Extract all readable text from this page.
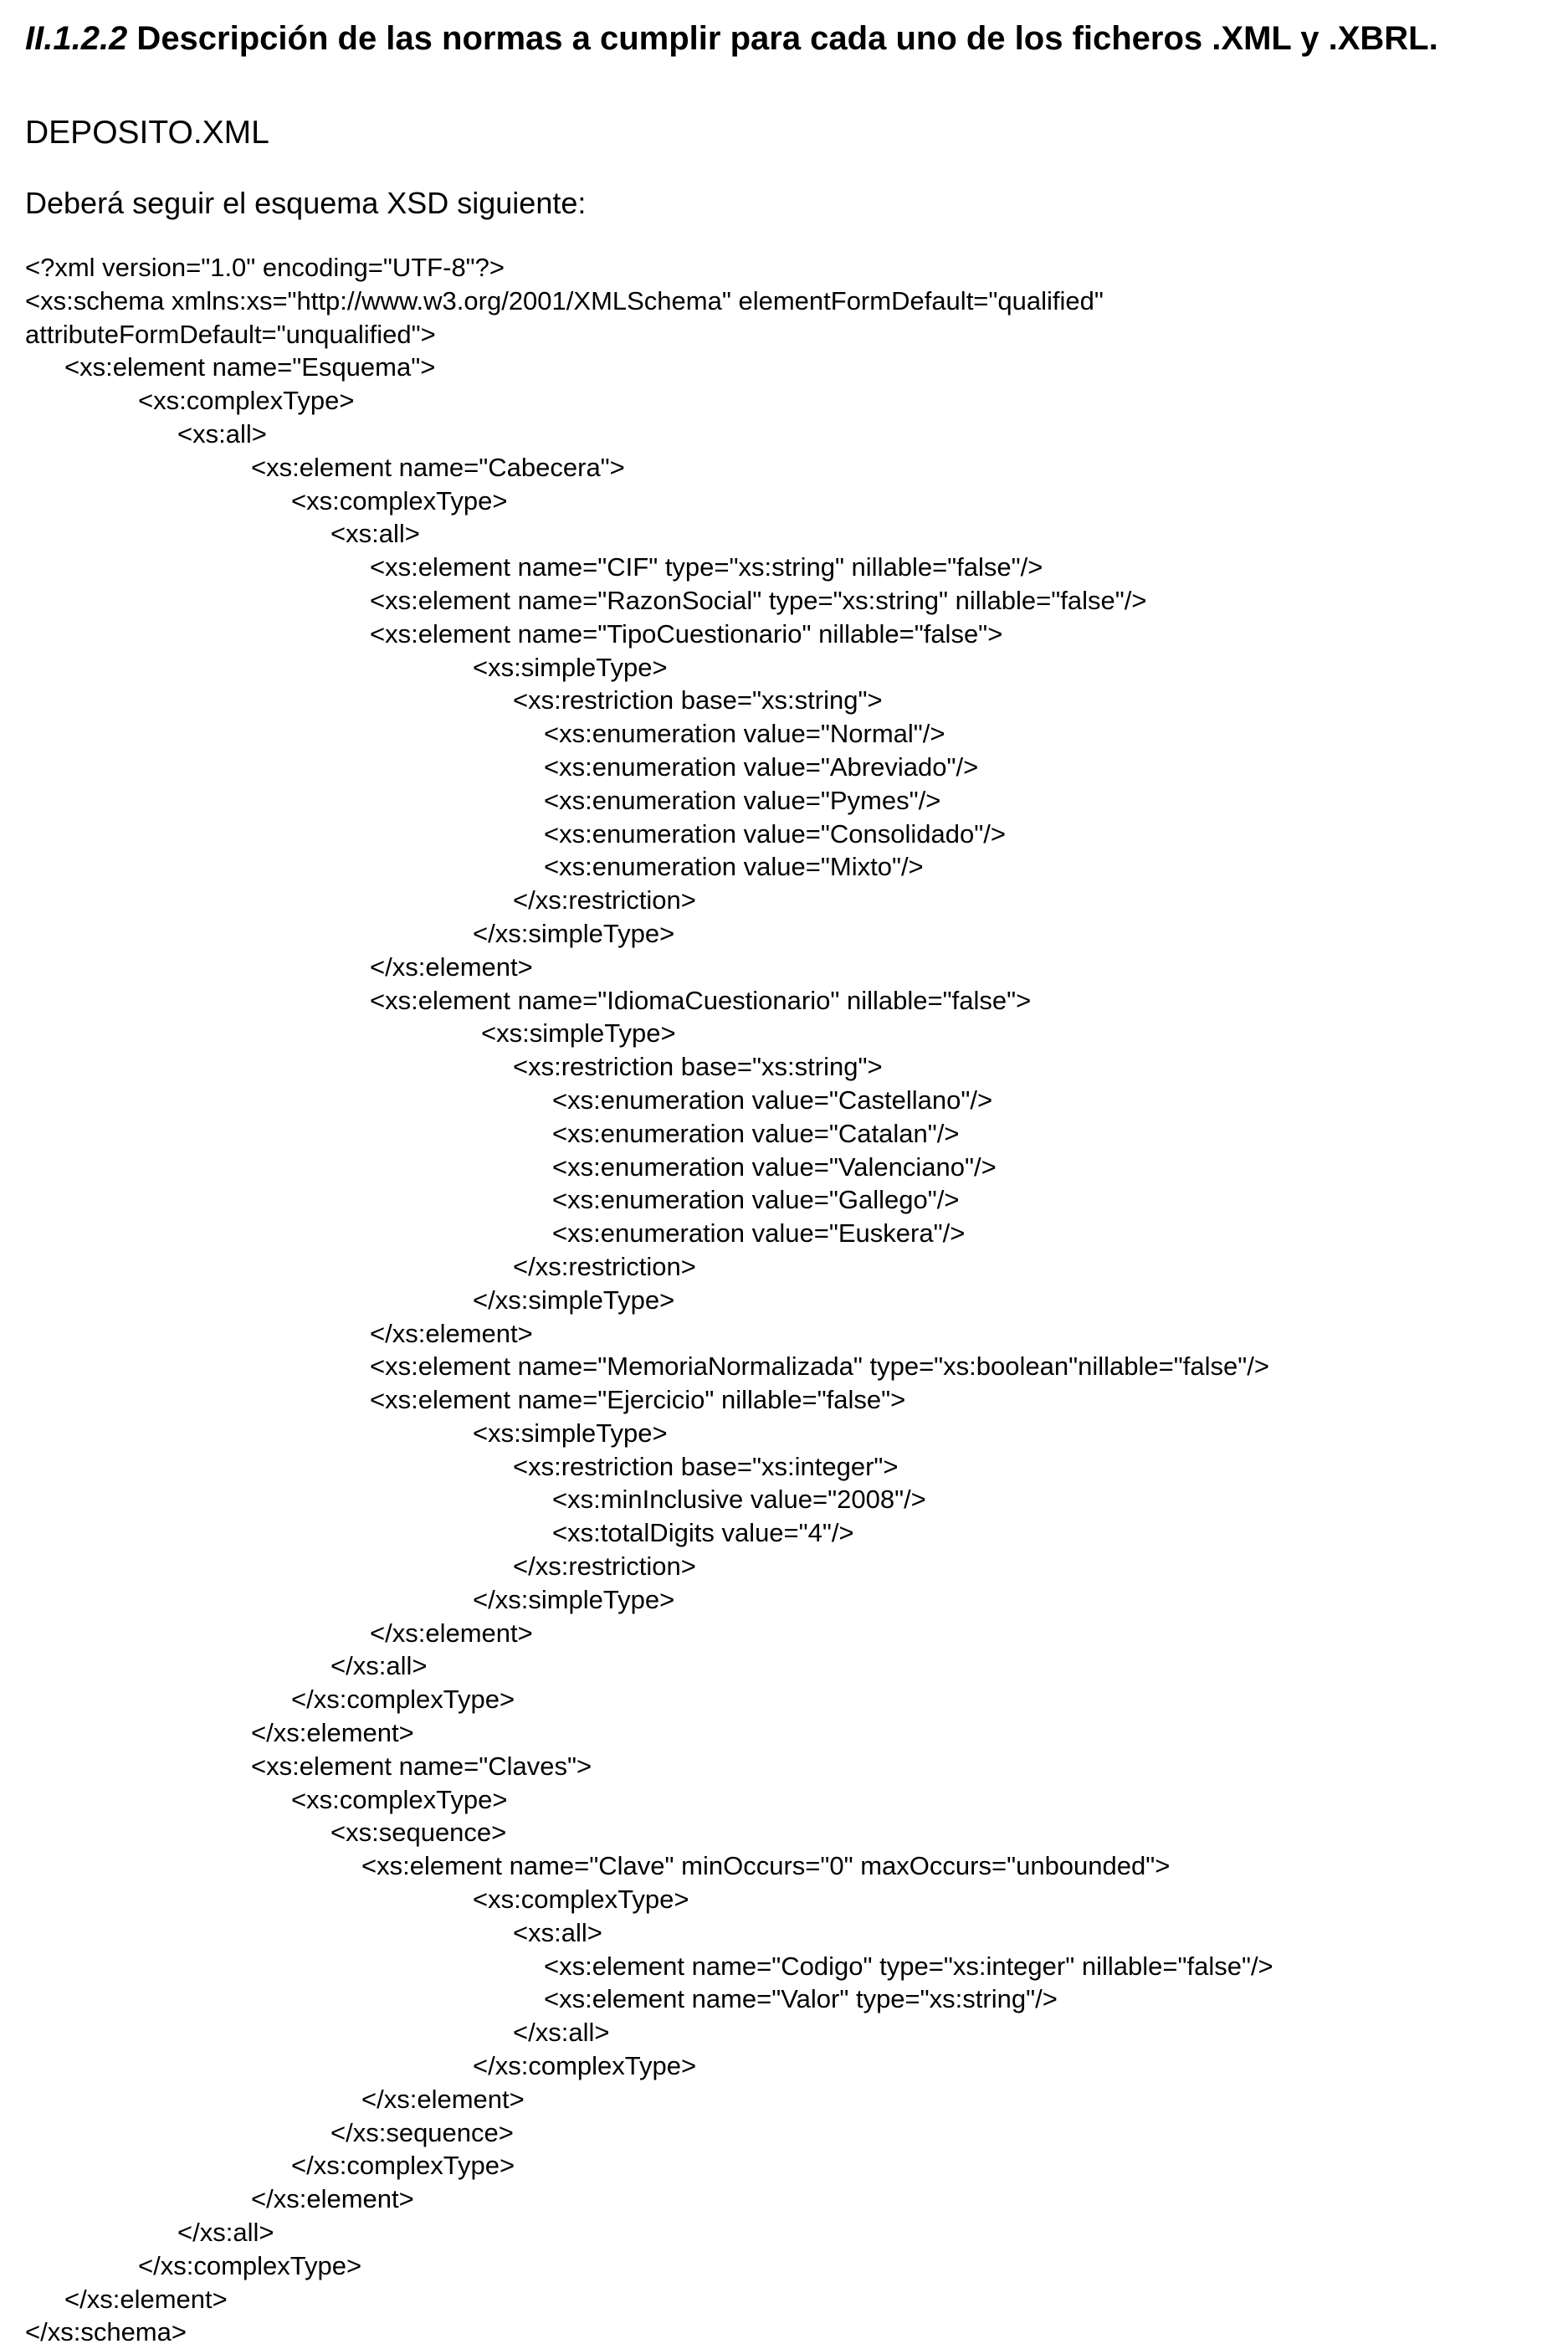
II.1.2.2 Descripción de las normas a cumplir para cada uno de los ficheros .XML y .XBRL.
DEPOSITO.XML

Deberá seguir el esquema XSD siguiente:

<?xml version="1.0" encoding="UTF-8"?>
<xs:schema xmlns:xs="http://www.w3.org/2001/XMLSchema" elementFormDefault="qualified"
attributeFormDefault="unqualified">
<xs:element name="Esquema">
<xs:complexType>
<xs:all>
<xs:element name="Cabecera">
<xs:complexType>
<xs:all>
<xs:element name="CIF" type="xs:string" nillable="false"/>
<xs:element name="RazonSocial" type="xs:string" nillable="false"/>
<xs:element name="TipoCuestionario" nillable="false">
<xs:simpleType>
<xs:restriction base="xs:string">
<xs:enumeration value="Normal"/>
<xs:enumeration value="Abreviado"/>
<xs:enumeration value="Pymes"/>
<xs:enumeration value="Consolidado"/>
<xs:enumeration value="Mixto"/>
</xs:restriction>
</xs:simpleType>
</xs:element>
<xs:element name="IdiomaCuestionario" nillable="false">
<xs:simpleType>
<xs:restriction base="xs:string">
<xs:enumeration value="Castellano"/>
<xs:enumeration value="Catalan"/>
<xs:enumeration value="Valenciano"/>
<xs:enumeration value="Gallego"/>
<xs:enumeration value="Euskera"/>
</xs:restriction>
</xs:simpleType>
</xs:element>
<xs:element name="MemoriaNormalizada" type="xs:boolean"nillable="false"/>
<xs:element name="Ejercicio" nillable="false">
<xs:simpleType>
<xs:restriction base="xs:integer">
<xs:minInclusive value="2008"/>
<xs:totalDigits value="4"/>
</xs:restriction>
</xs:simpleType>
</xs:element>
</xs:all>
</xs:complexType>
</xs:element>
<xs:element name="Claves">
<xs:complexType>
<xs:sequence>
<xs:element name="Clave" minOccurs="0" maxOccurs="unbounded">
<xs:complexType>
<xs:all>
<xs:element name="Codigo" type="xs:integer" nillable="false"/>
<xs:element name="Valor" type="xs:string"/>
</xs:all>
</xs:complexType>
</xs:element>
</xs:sequence>
</xs:complexType>
</xs:element>
</xs:all>
</xs:complexType>
</xs:element>
</xs:schema>
